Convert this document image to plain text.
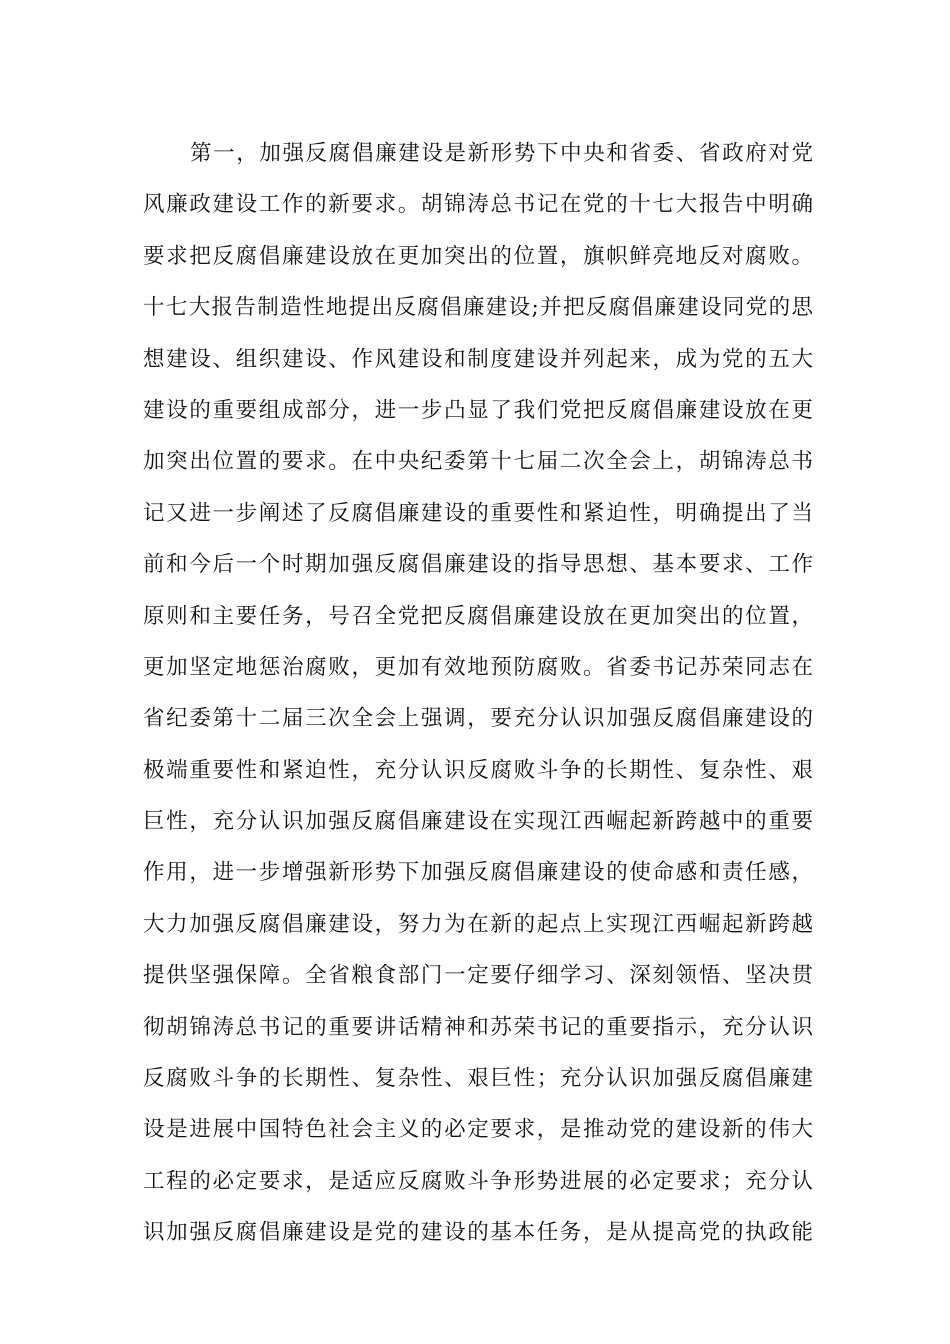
第一，加强反腐倡廉建设是新形势下中央和省委、省政府对党
风廉政建设工作的新要求。胡锦涛总书记在党的十七大报告中明确
要求把反腐倡廉建设放在更加突出的位置，旗帜鲜亮地反对腐败。
十七大报告制造性地提出反腐倡廉建设;并把反腐倡廉建设同党的思
想建设、组织建设、作风建设和制度建设并列起来，成为党的五大
建设的重要组成部分，进一步凸显了我们党把反腐倡廉建设放在更
加突出位置的要求。在中央纪委第十七届二次全会上，胡锦涛总书
记又进一步阐述了反腐倡廉建设的重要性和紧迫性，明确提出了当
前和今后一个时期加强反腐倡廉建设的指导思想、基本要求、工作
原则和主要任务，号召全党把反腐倡廉建设放在更加突出的位置，
更加坚定地惩治腐败，更加有效地预防腐败。省委书记苏荣同志在
省纪委第十二届三次全会上强调，要充分认识加强反腐倡廉建设的
极端重要性和紧迫性，充分认识反腐败斗争的长期性、复杂性、艰
巨性，充分认识加强反腐倡廉建设在实现江西崛起新跨越中的重要
作用，进一步增强新形势下加强反腐倡廉建设的使命感和责任感，
大力加强反腐倡廉建设，努力为在新的起点上实现江西崛起新跨越
提供坚强保障。全省粮食部门一定要仔细学习、深刻领悟、坚决贯
彻胡锦涛总书记的重要讲话精神和苏荣书记的重要指示，充分认识
反腐败斗争的长期性、复杂性、艰巨性；充分认识加强反腐倡廉建
设是进展中国特色社会主义的必定要求，是推动党的建设新的伟大
工程的必定要求，是适应反腐败斗争形势进展的必定要求；充分认
识加强反腐倡廉建设是党的建设的基本任务，是从提高党的执政能
